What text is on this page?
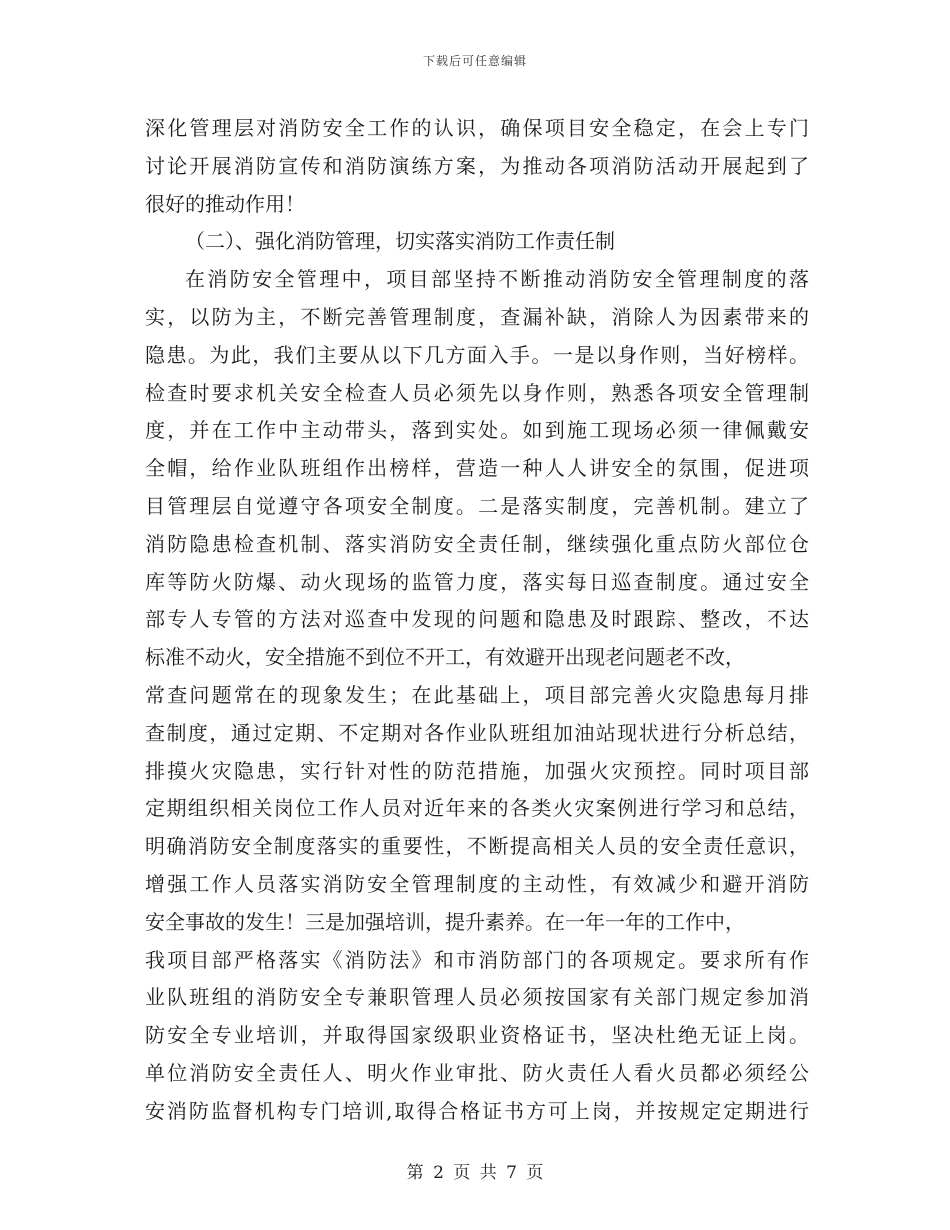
下载后可任意编辑
深化管理层对消防安全工作的认识，确保项目安全稳定，在会上专门
讨论开展消防宣传和消防演练方案，为推动各项消防活动开展起到了
很好的推动作用！
（二）、强化消防管理，切实落实消防工作责任制
在消防安全管理中，项目部坚持不断推动消防安全管理制度的落
实，以防为主，不断完善管理制度，查漏补缺，消除人为因素带来的
隐患。为此，我们主要从以下几方面入手。一是以身作则，当好榜样。
检查时要求机关安全检查人员必须先以身作则，熟悉各项安全管理制
度，并在工作中主动带头，落到实处。如到施工现场必须一律佩戴安
全帽，给作业队班组作出榜样，营造一种人人讲安全的氛围，促进项
目管理层自觉遵守各项安全制度。二是落实制度，完善机制。建立了
消防隐患检查机制、落实消防安全责任制，继续强化重点防火部位仓
库等防火防爆、动火现场的监管力度，落实每日巡查制度。通过安全
部专人专管的方法对巡查中发现的问题和隐患及时跟踪、整改，不达
标准不动火，安全措施不到位不开工，有效避开出现老问题老不改，
常查问题常在的现象发生；在此基础上，项目部完善火灾隐患每月排
查制度，通过定期、不定期对各作业队班组加油站现状进行分析总结，
排摸火灾隐患，实行针对性的防范措施，加强火灾预控。同时项目部
定期组织相关岗位工作人员对近年来的各类火灾案例进行学习和总结，
明确消防安全制度落实的重要性，不断提高相关人员的安全责任意识，
增强工作人员落实消防安全管理制度的主动性，有效减少和避开消防
安全事故的发生！三是加强培训，提升素养。在一年一年的工作中，
我项目部严格落实《消防法》和市消防部门的各项规定。要求所有作
业队班组的消防安全专兼职管理人员必须按国家有关部门规定参加消
防安全专业培训，并取得国家级职业资格证书，坚决杜绝无证上岗。
单位消防安全责任人、明火作业审批、防火责任人看火员都必须经公
安消防监督机构专门培训,取得合格证书方可上岗，并按规定定期进行
第 2 页 共 7 页
